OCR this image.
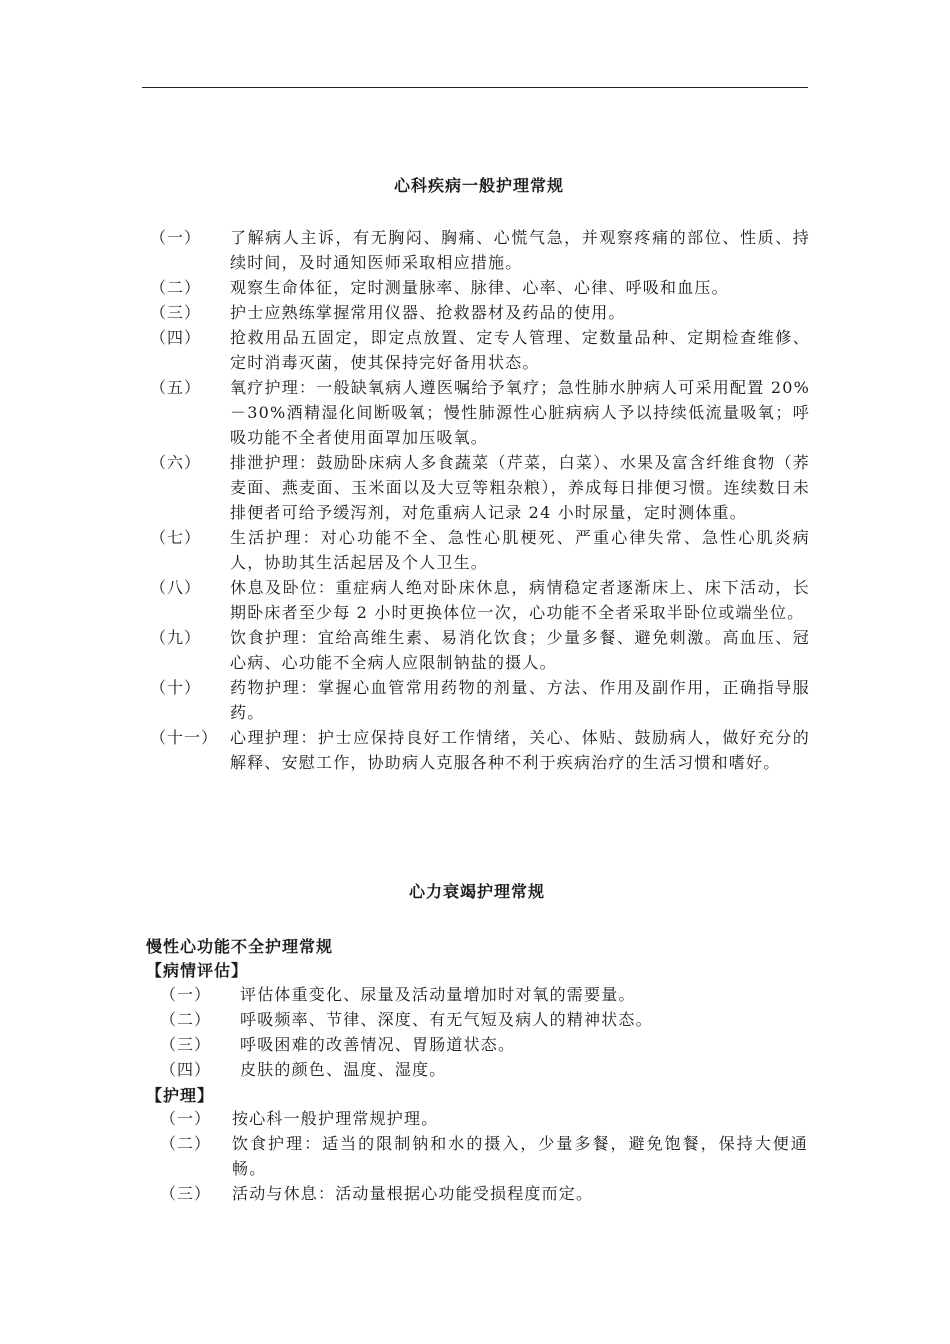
心科疾病一般护理常规
（一）	了解病人主诉，有无胸闷、胸痛、心慌气急，并观察疼痛的部位、性质、持续时间，及时通知医师采取相应措施。
（二）	观察生命体征，定时测量脉率、脉律、心率、心律、呼吸和血压。
（三）	护士应熟练掌握常用仪器、抢救器材及药品的使用。
（四）	抢救用品五固定，即定点放置、定专人管理、定数量品种、定期检查维修、定时消毒灭菌，使其保持完好备用状态。
（五）	氧疗护理：一般缺氧病人遵医嘱给予氧疗；急性肺水肿病人可采用配置 20%－30%酒精湿化间断吸氧；慢性肺源性心脏病病人予以持续低流量吸氧；呼吸功能不全者使用面罩加压吸氧。
（六）	排泄护理：鼓励卧床病人多食蔬菜（芹菜，白菜）、水果及富含纤维食物（荞麦面、燕麦面、玉米面以及大豆等粗杂粮），养成每日排便习惯。连续数日未排便者可给予缓泻剂，对危重病人记录 24 小时尿量，定时测体重。
（七）	生活护理：对心功能不全、急性心肌梗死、严重心律失常、急性心肌炎病人，协助其生活起居及个人卫生。
（八）	休息及卧位：重症病人绝对卧床休息，病情稳定者逐渐床上、床下活动，长期卧床者至少每 2 小时更换体位一次，心功能不全者采取半卧位或端坐位。
（九）	饮食护理：宜给高维生素、易消化饮食；少量多餐、避免刺激。高血压、冠心病、心功能不全病人应限制钠盐的摄人。
（十）	药物护理：掌握心血管常用药物的剂量、方法、作用及副作用，正确指导服药。
（十一） 心理护理：护士应保持良好工作情绪，关心、体贴、鼓励病人，做好充分的解释、安慰工作，协助病人克服各种不利于疾病治疗的生活习惯和嗜好。
心力衰竭护理常规
慢性心功能不全护理常规
【病情评估】
（一）	评估体重变化、尿量及活动量增加时对氧的需要量。
（二）	呼吸频率、节律、深度、有无气短及病人的精神状态。
（三）	呼吸困难的改善情况、胃肠道状态。
（四）	皮肤的颜色、温度、湿度。
【护理】
（一）	按心科一般护理常规护理。
（二）	饮食护理：适当的限制钠和水的摄入，少量多餐，避免饱餐，保持大便通畅。
（三）	活动与休息：活动量根据心功能受损程度而定。
